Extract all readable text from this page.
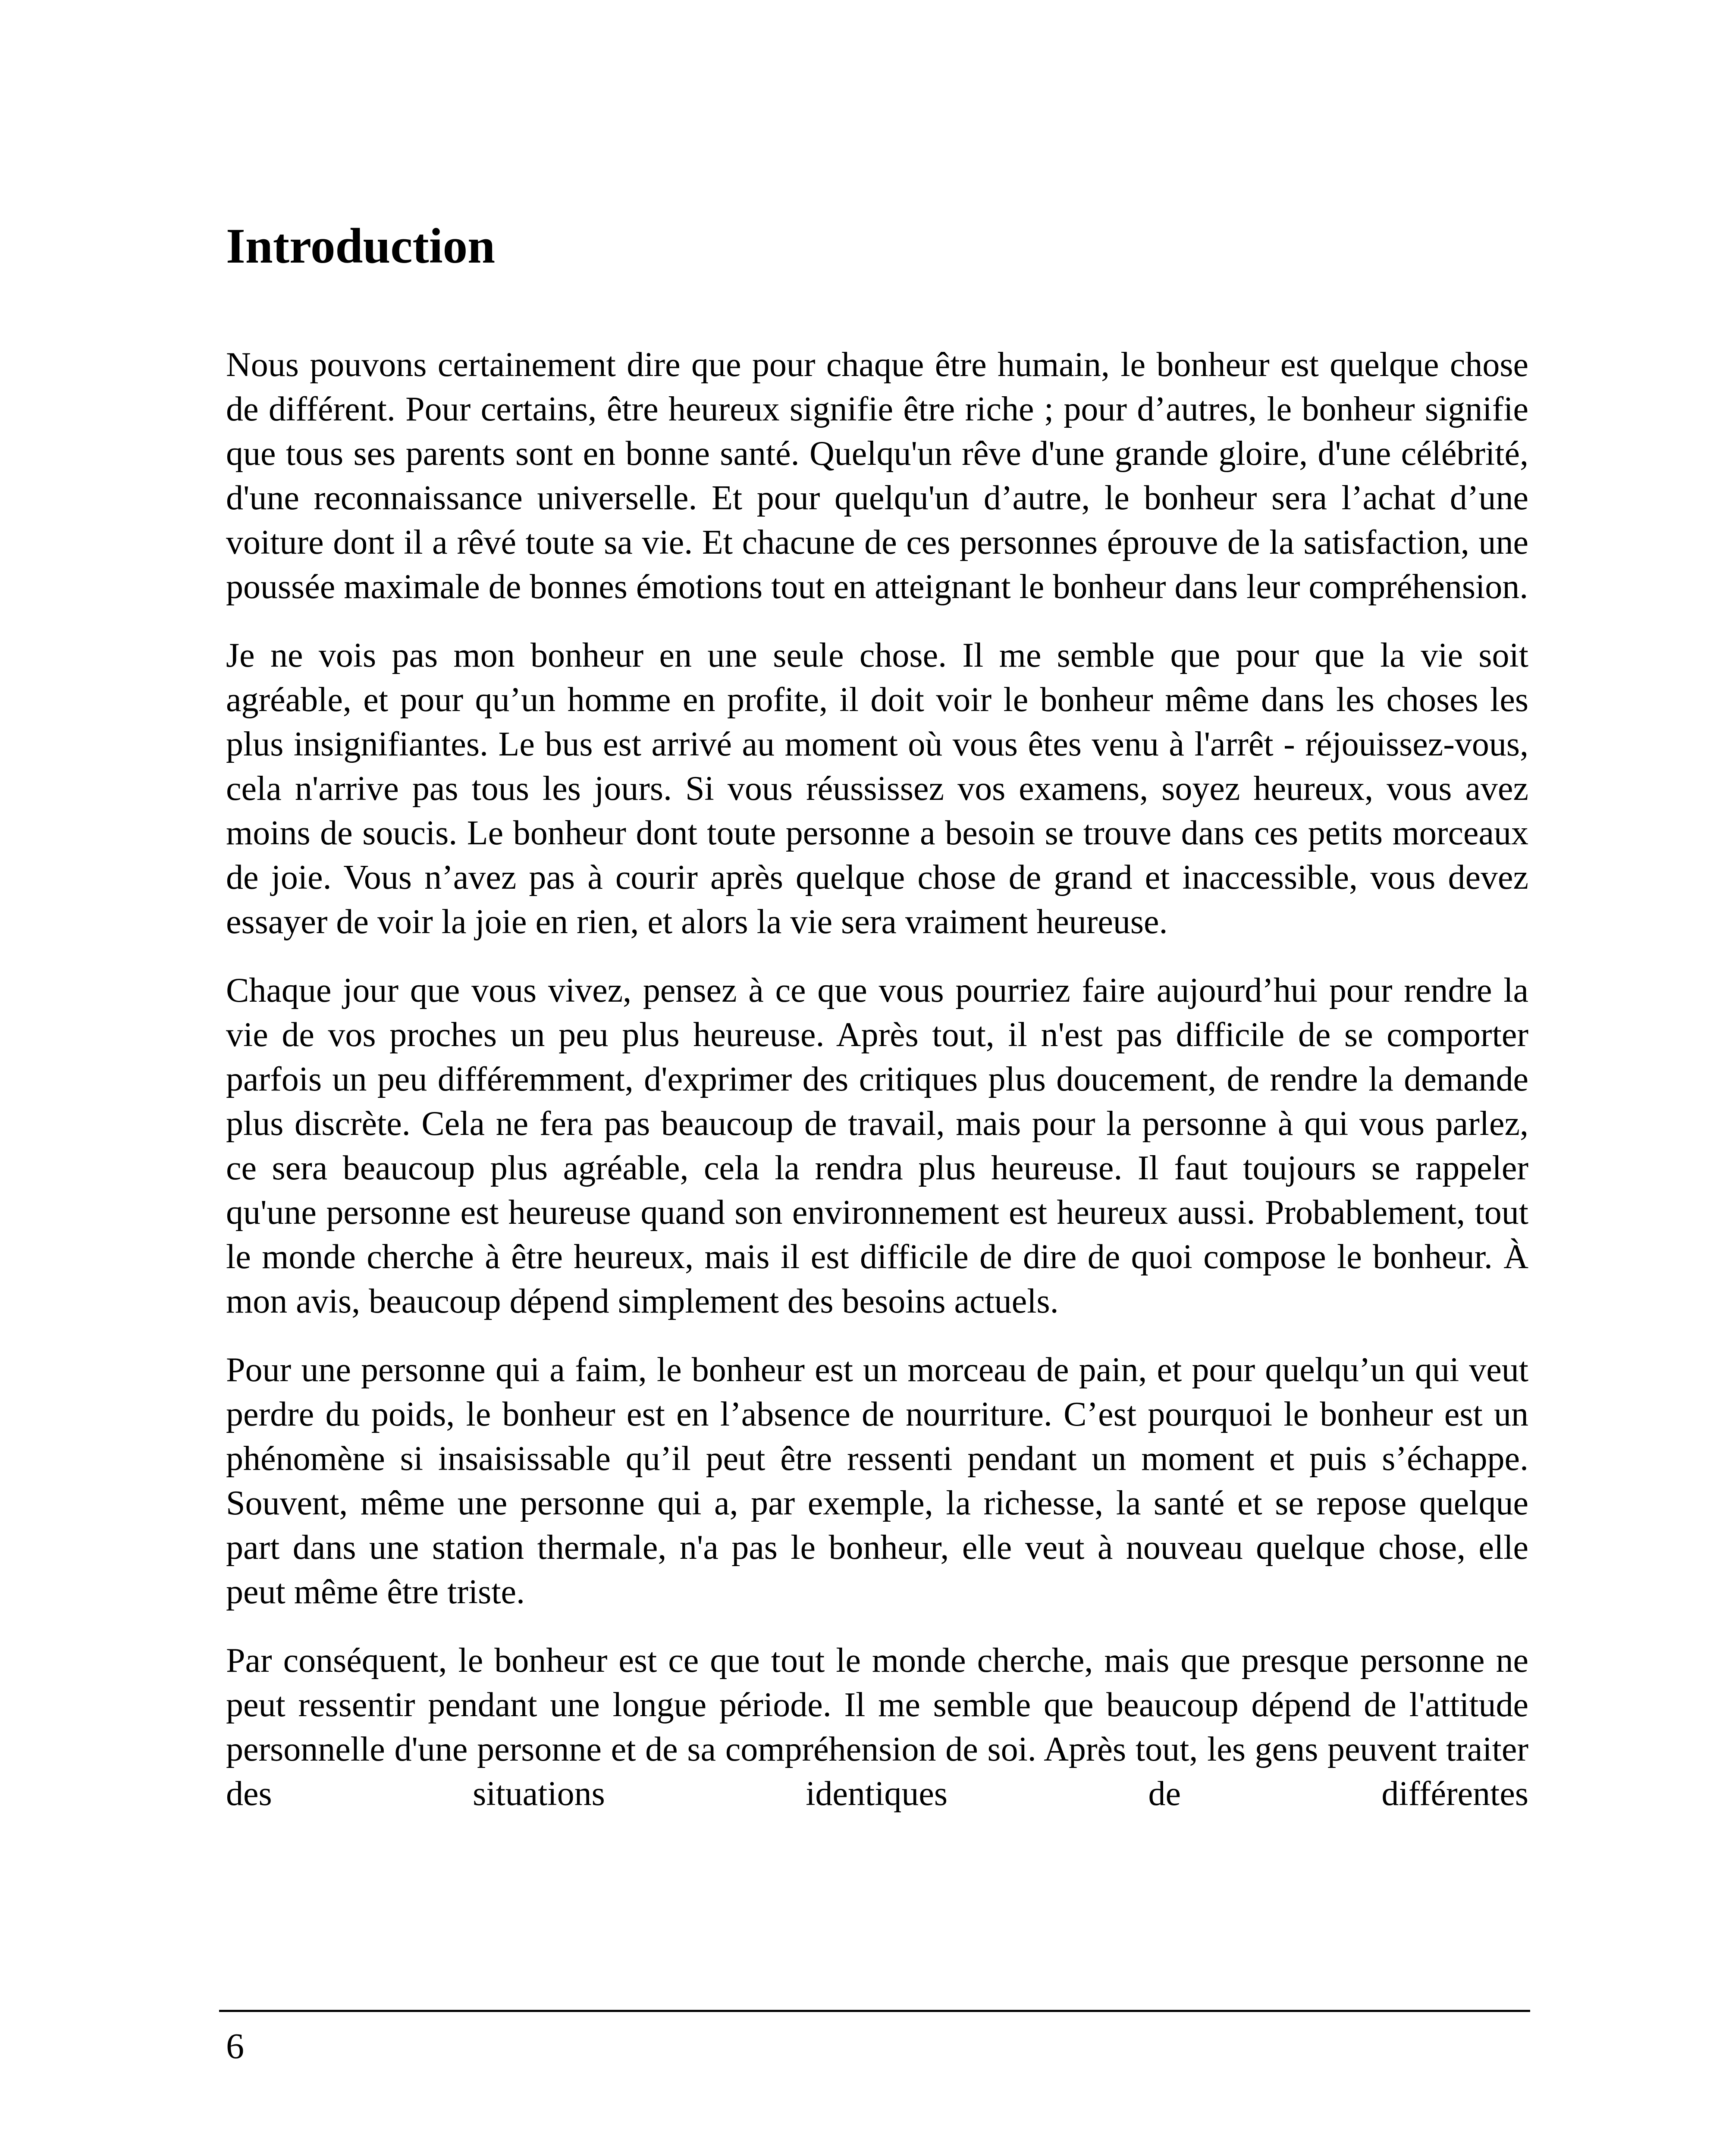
Introduction

Nous pouvons certainement dire que pour chaque être humain, le bonheur est quelque chose de différent. Pour certains, être heureux signifie être riche ; pour d’autres, le bonheur signifie que tous ses parents sont en bonne santé. Quelqu'un rêve d'une grande gloire, d'une célébrité, d'une reconnaissance universelle. Et pour quelqu'un d’autre, le bonheur sera l’achat d’une voiture dont il a rêvé toute sa vie. Et chacune de ces personnes éprouve de la satisfaction, une poussée maximale de bonnes émotions tout en atteignant le bonheur dans leur compréhension.

Je ne vois pas mon bonheur en une seule chose. Il me semble que pour que la vie soit agréable, et pour qu’un homme en profite, il doit voir le bonheur même dans les choses les plus insignifiantes. Le bus est arrivé au moment où vous êtes venu à l'arrêt - réjouissez-vous, cela n'arrive pas tous les jours. Si vous réussissez vos examens, soyez heureux, vous avez moins de soucis. Le bonheur dont toute personne a besoin se trouve dans ces petits morceaux de joie. Vous n’avez pas à courir après quelque chose de grand et inaccessible, vous devez essayer de voir la joie en rien, et alors la vie sera vraiment heureuse.

Chaque jour que vous vivez, pensez à ce que vous pourriez faire aujourd’hui pour rendre la vie de vos proches un peu plus heureuse. Après tout, il n'est pas difficile de se comporter parfois un peu différemment, d'exprimer des critiques plus doucement, de rendre la demande plus discrète. Cela ne fera pas beaucoup de travail, mais pour la personne à qui vous parlez, ce sera beaucoup plus agréable, cela la rendra plus heureuse. Il faut toujours se rappeler qu'une personne est heureuse quand son environnement est heureux aussi. Probablement, tout le monde cherche à être heureux, mais il est difficile de dire de quoi compose le bonheur. À mon avis, beaucoup dépend simplement des besoins actuels.

Pour une personne qui a faim, le bonheur est un morceau de pain, et pour quelqu’un qui veut perdre du poids, le bonheur est en l’absence de nourriture. C’est pourquoi le bonheur est un phénomène si insaisissable qu’il peut être ressenti pendant un moment et puis s’échappe. Souvent, même une personne qui a, par exemple, la richesse, la santé et se repose quelque part dans une station thermale, n'a pas le bonheur, elle veut à nouveau quelque chose, elle peut même être triste.

Par conséquent, le bonheur est ce que tout le monde cherche, mais que presque personne ne peut ressentir pendant une longue période. Il me semble que beaucoup dépend de l'attitude personnelle d'une personne et de sa compréhension de soi. Après tout, les gens peuvent traiter des situations identiques de différentes

6
